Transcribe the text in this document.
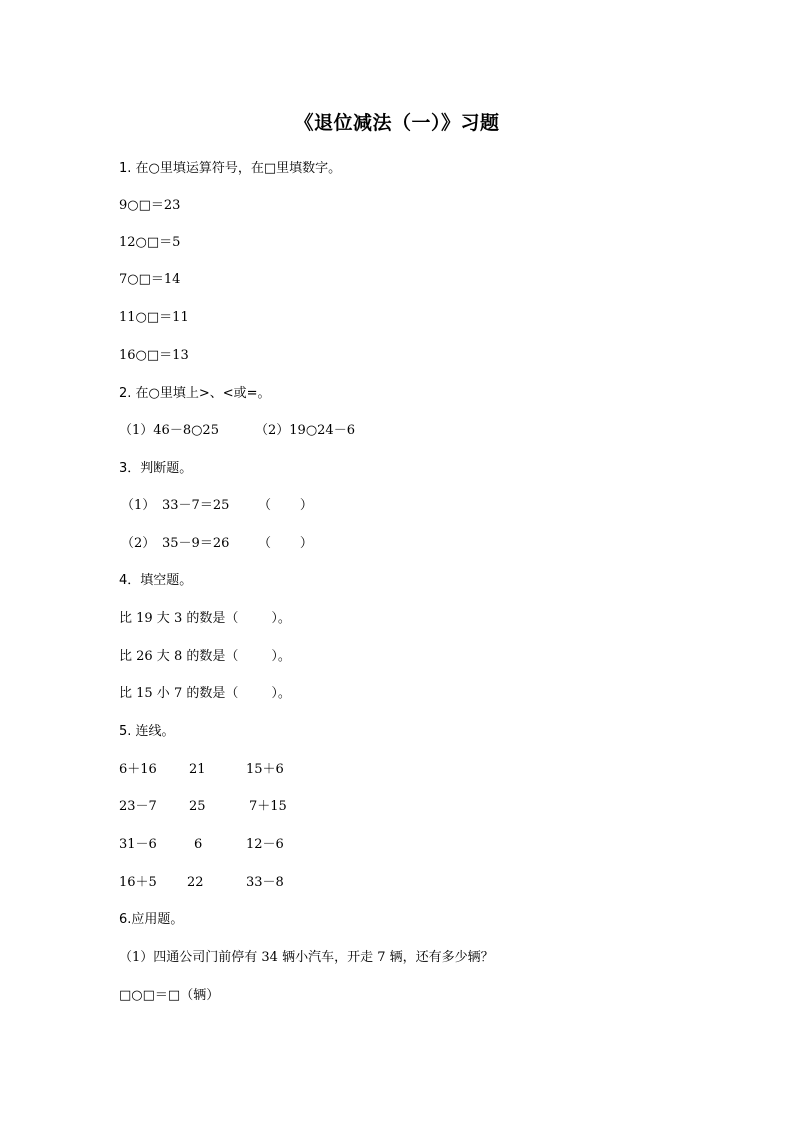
《退位减法（一）》习题
1. 在○里填运算符号，在□里填数字。
9○□＝23
12○□＝5
7○□＝14
11○□＝11
16○□＝13
2. 在○里填上>、<或=。
（1）46－8○25	（2）19○24－6
3．判断题。
（1） 33－7＝25 （       ）
（2） 35－9＝26 （       ）
4．填空题。
比 19 大 3 的数是（        ）。
比 26 大 8 的数是（        ）。
比 15 小 7 的数是（        ）。
5. 连线。
6＋16 21	15＋6
23－7 25	7＋15
31－6	6	12－6
16＋5 22	33－8
6.应用题。
（1）四通公司门前停有 34 辆小汽车，开走 7 辆，还有多少辆？
□○□＝□（辆）
